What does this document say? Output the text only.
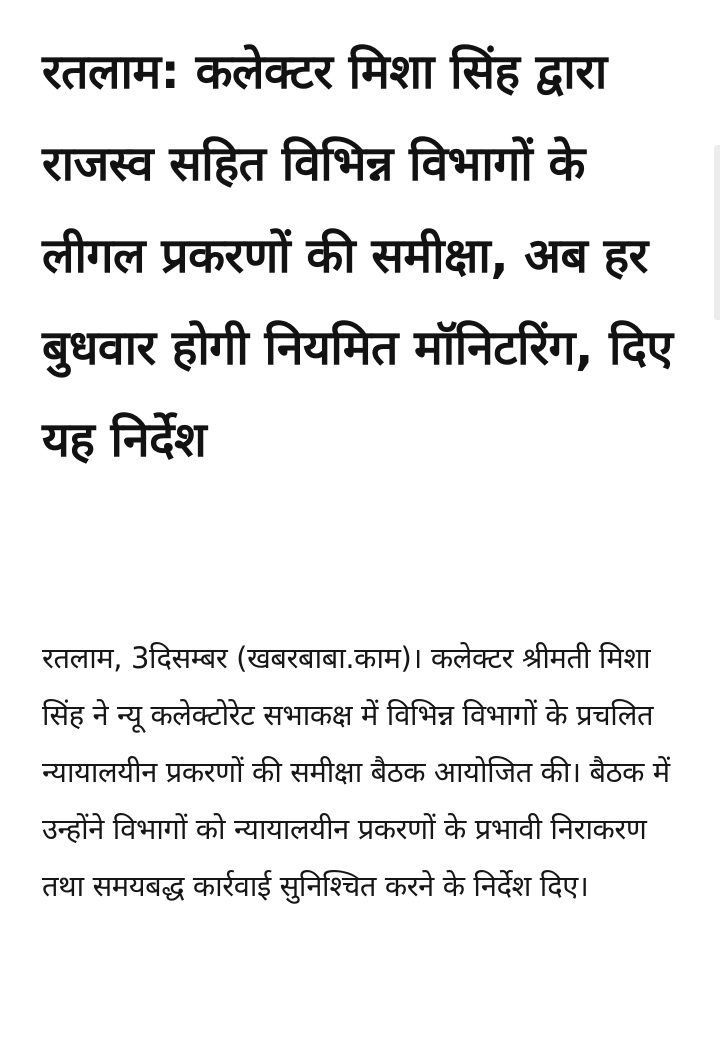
रतलाम: कलेक्टर मिशा सिंह द्वारा राजस्व सहित विभिन्न विभागों के लीगल प्रकरणों की समीक्षा, अब हर बुधवार होगी नियमित मॉनिटरिंग, दिए यह निर्देश

रतलाम, 3दिसम्बर (खबरबाबा.काम)। कलेक्टर श्रीमती मिशा सिंह ने न्यू कलेक्टोरेट सभाकक्ष में विभिन्न विभागों के प्रचलित न्यायालयीन प्रकरणों की समीक्षा बैठक आयोजित की। बैठक में उन्होंने विभागों को न्यायालयीन प्रकरणों के प्रभावी निराकरण तथा समयबद्ध कार्रवाई सुनिश्चित करने के निर्देश दिए।
